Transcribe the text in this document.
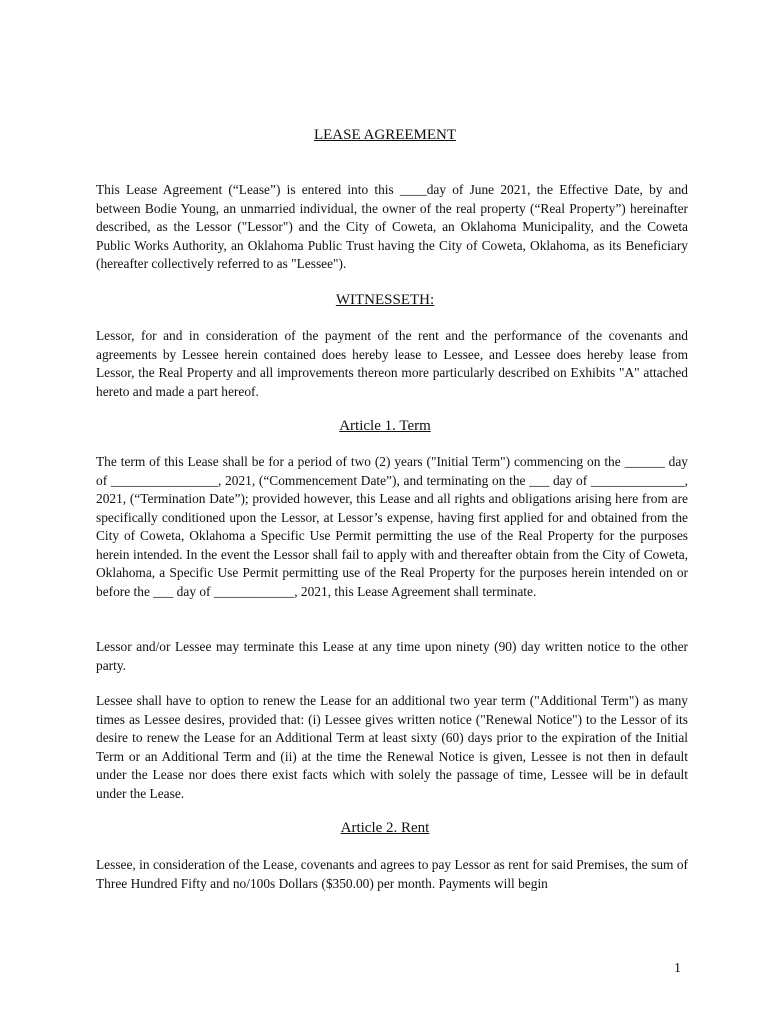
LEASE AGREEMENT

This Lease Agreement (“Lease”) is entered into this ____day of June 2021, the Effective Date, by and between Bodie Young, an unmarried individual, the owner of the real property (“Real Property”) hereinafter described, as the Lessor ("Lessor") and the City of Coweta, an Oklahoma Municipality, and the Coweta Public Works Authority, an Oklahoma Public Trust having the City of Coweta, Oklahoma, as its Beneficiary (hereafter collectively referred to as "Lessee").

WITNESSETH:

Lessor, for and in consideration of the payment of the rent and the performance of the covenants and agreements by Lessee herein contained does hereby lease to Lessee, and Lessee does hereby lease from Lessor, the Real Property and all improvements thereon more particularly described on Exhibits "A" attached hereto and made a part hereof.

Article 1. Term

The term of this Lease shall be for a period of two (2) years ("Initial Term") commencing on the ______ day of ________________, 2021, (“Commencement Date”), and terminating on the ___ day of ______________, 2021, (“Termination Date”); provided however, this Lease and all rights and obligations arising here from are specifically conditioned upon the Lessor, at Lessor’s expense, having first applied for and obtained from the City of Coweta, Oklahoma a Specific Use Permit permitting the use of the Real Property for the purposes herein intended. In the event the Lessor shall fail to apply with and thereafter obtain from the City of Coweta, Oklahoma, a Specific Use Permit permitting use of the Real Property for the purposes herein intended on or before the ___ day of ____________, 2021, this Lease Agreement shall terminate.

Lessor and/or Lessee may terminate this Lease at any time upon ninety (90) day written notice to the other party.

Lessee shall have to option to renew the Lease for an additional two year term ("Additional Term") as many times as Lessee desires, provided that: (i) Lessee gives written notice ("Renewal Notice") to the Lessor of its desire to renew the Lease for an Additional Term at least sixty (60) days prior to the expiration of the Initial Term or an Additional Term and (ii) at the time the Renewal Notice is given, Lessee is not then in default under the Lease nor does there exist facts which with solely the passage of time, Lessee will be in default under the Lease.

Article 2. Rent

Lessee, in consideration of the Lease, covenants and agrees to pay Lessor as rent for said Premises, the sum of Three Hundred Fifty and no/100s Dollars ($350.00) per month. Payments will begin

1
